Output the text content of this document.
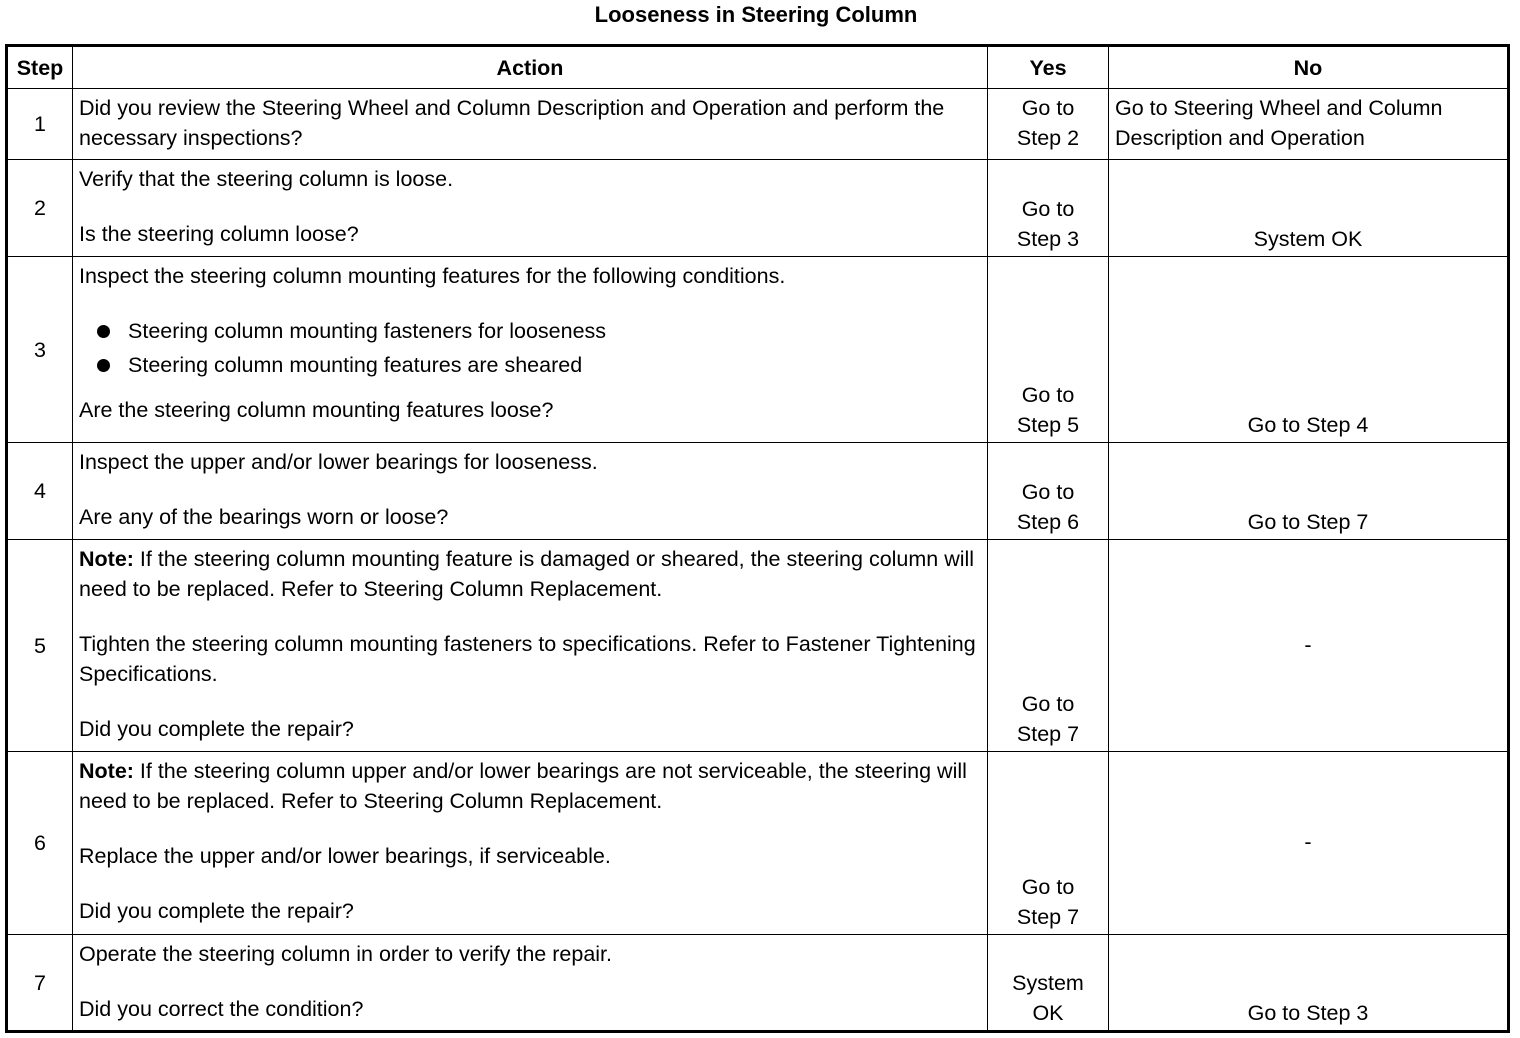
Looseness in Steering Column
Step	Action	Yes	No
1	Did you review the Steering Wheel and Column Description and Operation and perform the necessary inspections?	Go to
Step 2	Go to Steering Wheel and Column Description and Operation
2	Verify that the steering column is loose.
Is the steering column loose?	Go to
Step 3	System OK
3	Inspect the steering column mounting features for the following conditions.
Steering column mounting fasteners for looseness
Steering column mounting features are sheared
Are the steering column mounting features loose?	Go to
Step 5	Go to Step 4
4	Inspect the upper and/or lower bearings for looseness.
Are any of the bearings worn or loose?	Go to
Step 6	Go to Step 7
5	Note: If the steering column mounting feature is damaged or sheared, the steering column will need to be replaced. Refer to Steering Column Replacement.
Tighten the steering column mounting fasteners to specifications. Refer to Fastener Tightening Specifications.
Did you complete the repair?	Go to
Step 7	-
6	Note: If the steering column upper and/or lower bearings are not serviceable, the steering will need to be replaced. Refer to Steering Column Replacement.
Replace the upper and/or lower bearings, if serviceable.
Did you complete the repair?	Go to
Step 7	-
7	Operate the steering column in order to verify the repair.
Did you correct the condition?	System
OK	Go to Step 3
